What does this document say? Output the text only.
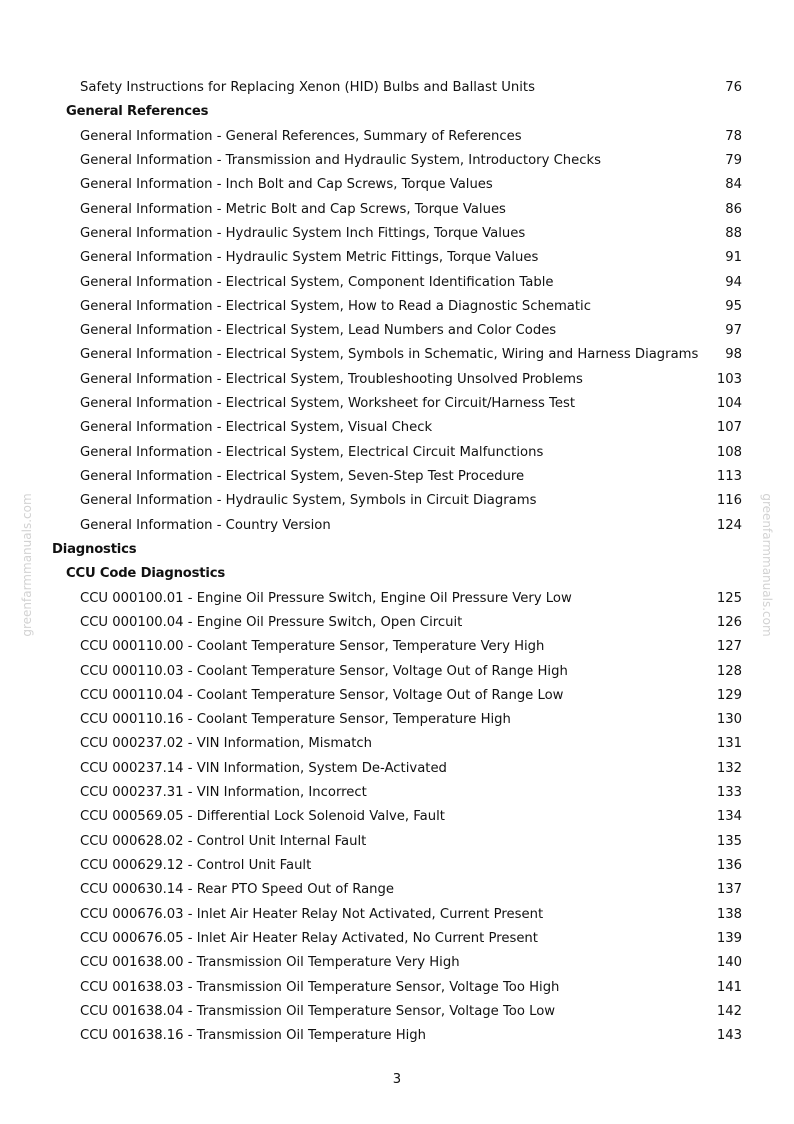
greenfarmmanuals.com	greenfarmmanuals.com
Safety Instructions for Replacing Xenon (HID) Bulbs and Ballast Units	76
General References
General Information - General References, Summary of References	78
General Information - Transmission and Hydraulic System, Introductory Checks	79
General Information - Inch Bolt and Cap Screws, Torque Values	84
General Information - Metric Bolt and Cap Screws, Torque Values	86
General Information - Hydraulic System Inch Fittings, Torque Values	88
General Information - Hydraulic System Metric Fittings, Torque Values	91
General Information - Electrical System, Component Identification Table	94
General Information - Electrical System, How to Read a Diagnostic Schematic	95
General Information - Electrical System, Lead Numbers and Color Codes	97
General Information - Electrical System, Symbols in Schematic, Wiring and Harness Diagrams 98
General Information - Electrical System, Troubleshooting Unsolved Problems	103
General Information - Electrical System, Worksheet for Circuit/Harness Test	104
General Information - Electrical System, Visual Check	107
General Information - Electrical System, Electrical Circuit Malfunctions	108
General Information - Electrical System, Seven-Step Test Procedure	113
General Information - Hydraulic System, Symbols in Circuit Diagrams	116
General Information - Country Version	124
Diagnostics
CCU Code Diagnostics
CCU 000100.01 - Engine Oil Pressure Switch, Engine Oil Pressure Very Low	125
CCU 000100.04 - Engine Oil Pressure Switch, Open Circuit	126
CCU 000110.00 - Coolant Temperature Sensor, Temperature Very High	127
CCU 000110.03 - Coolant Temperature Sensor, Voltage Out of Range High	128
CCU 000110.04 - Coolant Temperature Sensor, Voltage Out of Range Low	129
CCU 000110.16 - Coolant Temperature Sensor, Temperature High	130
CCU 000237.02 - VIN Information, Mismatch	131
CCU 000237.14 - VIN Information, System De-Activated	132
CCU 000237.31 - VIN Information, Incorrect	133
CCU 000569.05 - Differential Lock Solenoid Valve, Fault	134
CCU 000628.02 - Control Unit Internal Fault	135
CCU 000629.12 - Control Unit Fault	136
CCU 000630.14 - Rear PTO Speed Out of Range	137
CCU 000676.03 - Inlet Air Heater Relay Not Activated, Current Present	138
CCU 000676.05 - Inlet Air Heater Relay Activated, No Current Present	139
CCU 001638.00 - Transmission Oil Temperature Very High	140
CCU 001638.03 - Transmission Oil Temperature Sensor, Voltage Too High	141
CCU 001638.04 - Transmission Oil Temperature Sensor, Voltage Too Low	142
CCU 001638.16 - Transmission Oil Temperature High	143
3
